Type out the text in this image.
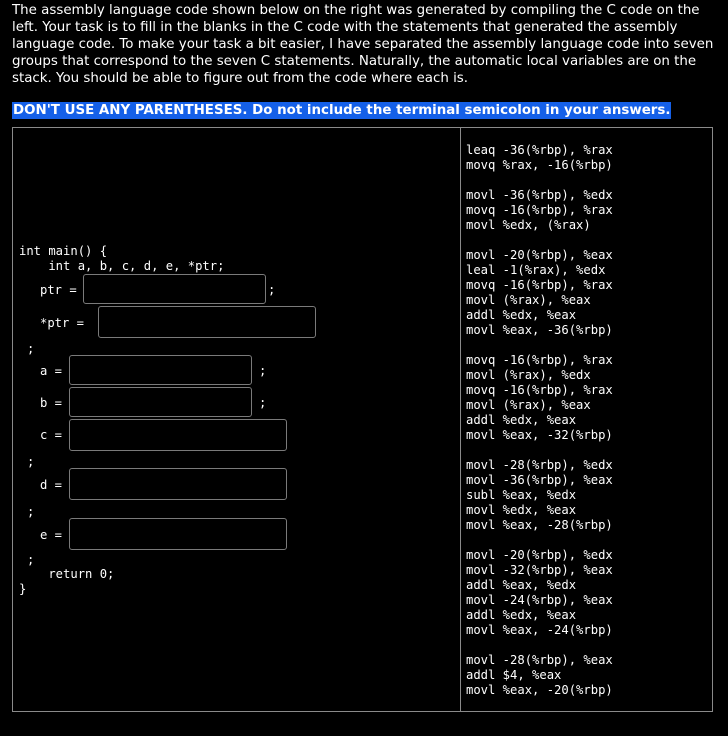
The assembly language code shown below on the right was generated by compiling the C code on the left. Your task is to fill in the blanks in the C code with the statements that generated the assembly language code. To make your task a bit easier, I have separated the assembly language code into seven groups that correspond to the seven C statements. Naturally, the automatic local variables are on the stack. You should be able to figure out from the code where each is.

DON'T USE ANY PARENTHESES. Do not include the terminal semicolon in your answers.
int main() {
int a, b, c, d, e, *ptr;
ptr =	;
*ptr =
;
a =	;
b =	;
c =
;
d =
;
e =
;
return 0;
}
leaq -36(%rbp), %rax
movq %rax, -16(%rbp)
movl -36(%rbp), %edx
movq -16(%rbp), %rax
movl %edx, (%rax)
movl -20(%rbp), %eax
leal -1(%rax), %edx
movq -16(%rbp), %rax
movl (%rax), %eax
addl %edx, %eax
movl %eax, -36(%rbp)
movq -16(%rbp), %rax
movl (%rax), %edx
movq -16(%rbp), %rax
movl (%rax), %eax
addl %edx, %eax
movl %eax, -32(%rbp)
movl -28(%rbp), %edx
movl -36(%rbp), %eax
subl %eax, %edx
movl %edx, %eax
movl %eax, -28(%rbp)
movl -20(%rbp), %edx
movl -32(%rbp), %eax
addl %eax, %edx
movl -24(%rbp), %eax
addl %edx, %eax
movl %eax, -24(%rbp)
movl -28(%rbp), %eax
addl $4, %eax
movl %eax, -20(%rbp)
